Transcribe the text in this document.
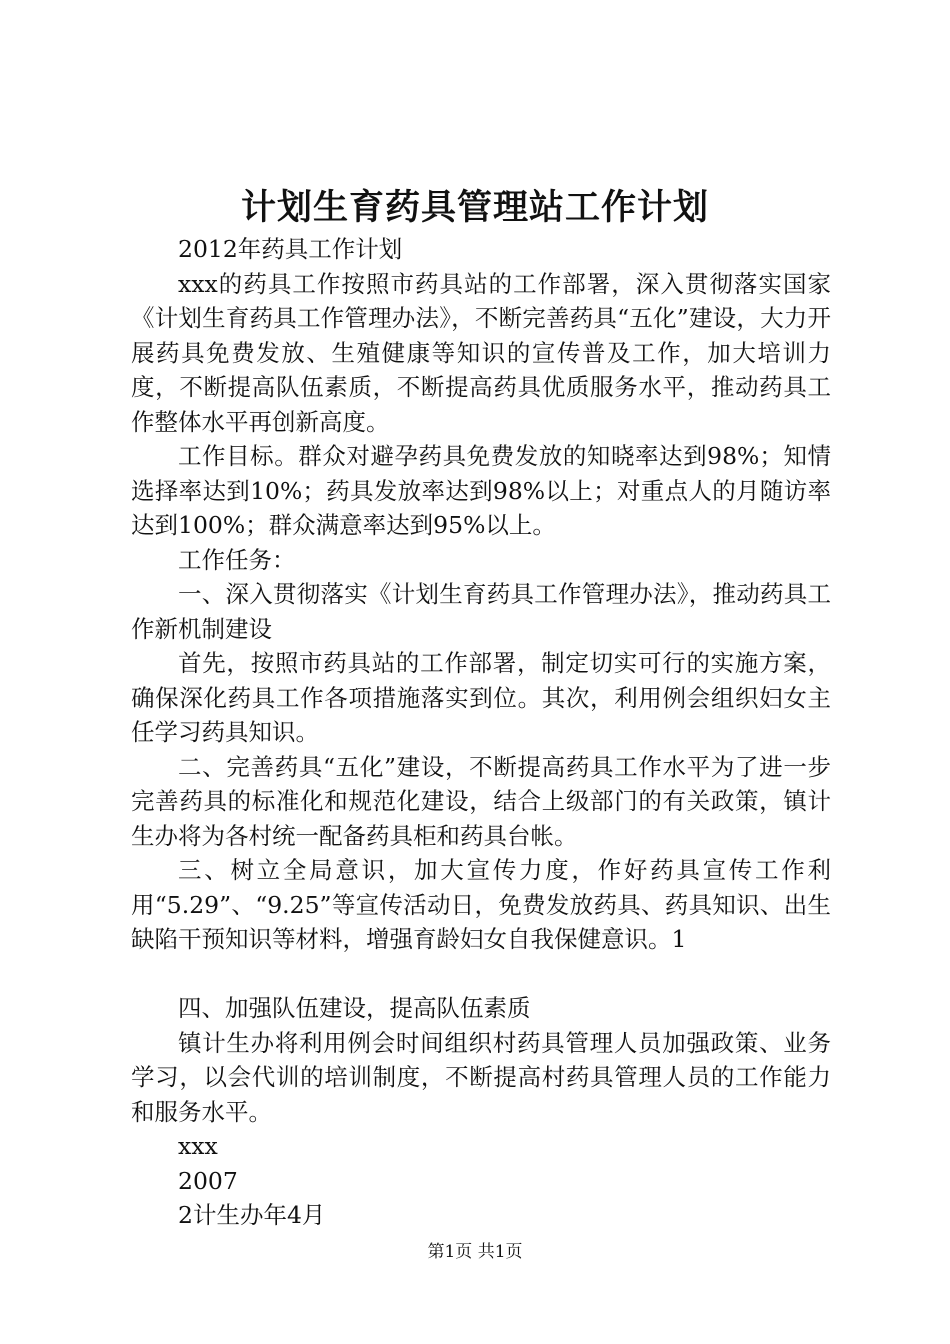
计划生育药具管理站工作计划

2012年药具工作计划

xxx的药具工作按照市药具站的工作部署，深入贯彻落实国家《计划生育药具工作管理办法》，不断完善药具“五化”建设，大力开展药具免费发放、生殖健康等知识的宣传普及工作，加大培训力度，不断提高队伍素质，不断提高药具优质服务水平，推动药具工作整体水平再创新高度。

工作目标。群众对避孕药具免费发放的知晓率达到98%；知情选择率达到10%；药具发放率达到98%以上；对重点人的月随访率达到100%；群众满意率达到95%以上。

工作任务：

一、深入贯彻落实《计划生育药具工作管理办法》，推动药具工作新机制建设

首先，按照市药具站的工作部署，制定切实可行的实施方案，确保深化药具工作各项措施落实到位。其次，利用例会组织妇女主任学习药具知识。

二、完善药具“五化”建设，不断提高药具工作水平为了进一步完善药具的标准化和规范化建设，结合上级部门的有关政策，镇计生办将为各村统一配备药具柜和药具台帐。

三、树立全局意识，加大宣传力度，作好药具宣传工作利用“5.29”、“9.25”等宣传活动日，免费发放药具、药具知识、出生缺陷干预知识等材料，增强育龄妇女自我保健意识。1

四、加强队伍建设，提高队伍素质

镇计生办将利用例会时间组织村药具管理人员加强政策、业务学习，以会代训的培训制度，不断提高村药具管理人员的工作能力和服务水平。

xxx

2007

2计生办年4月

第1页 共1页
